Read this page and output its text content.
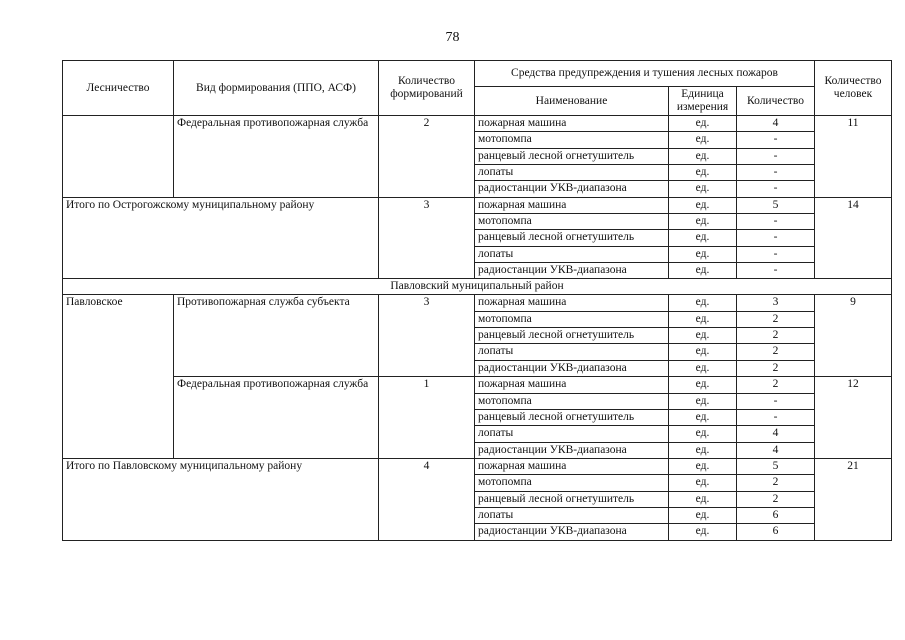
78
Лесничество	Вид формирования (ППО, АСФ)	Количество формирований	Средства предупреждения и тушения лесных пожаров			Количество человек
			Наименование	Единица измерения	Количество	
	Федеральная противопожарная служба	2	пожарная машина	ед.	4	11
			мотопомпа	ед.	-	
			ранцевый лесной огнетушитель	ед.	-	
			лопаты	ед.	-	
			радиостанции УКВ-диапазона	ед.	-	
Итого по Острогожскому муниципальному району		3	пожарная машина	ед.	5	14
			мотопомпа	ед.	-	
			ранцевый лесной огнетушитель	ед.	-	
			лопаты	ед.	-	
			радиостанции УКВ-диапазона	ед.	-	
Павловский муниципальный район						
Павловское	Противопожарная служба субъекта	3	пожарная машина	ед.	3	9
			мотопомпа	ед.	2	
			ранцевый лесной огнетушитель	ед.	2	
			лопаты	ед.	2	
			радиостанции УКВ-диапазона	ед.	2	
	Федеральная противопожарная служба	1	пожарная машина	ед.	2	12
			мотопомпа	ед.	-	
			ранцевый лесной огнетушитель	ед.	-	
			лопаты	ед.	4	
			радиостанции УКВ-диапазона	ед.	4	
Итого по Павловскому муниципальному району		4	пожарная машина	ед.	5	21
			мотопомпа	ед.	2	
			ранцевый лесной огнетушитель	ед.	2	
			лопаты	ед.	6	
			радиостанции УКВ-диапазона	ед.	6	
